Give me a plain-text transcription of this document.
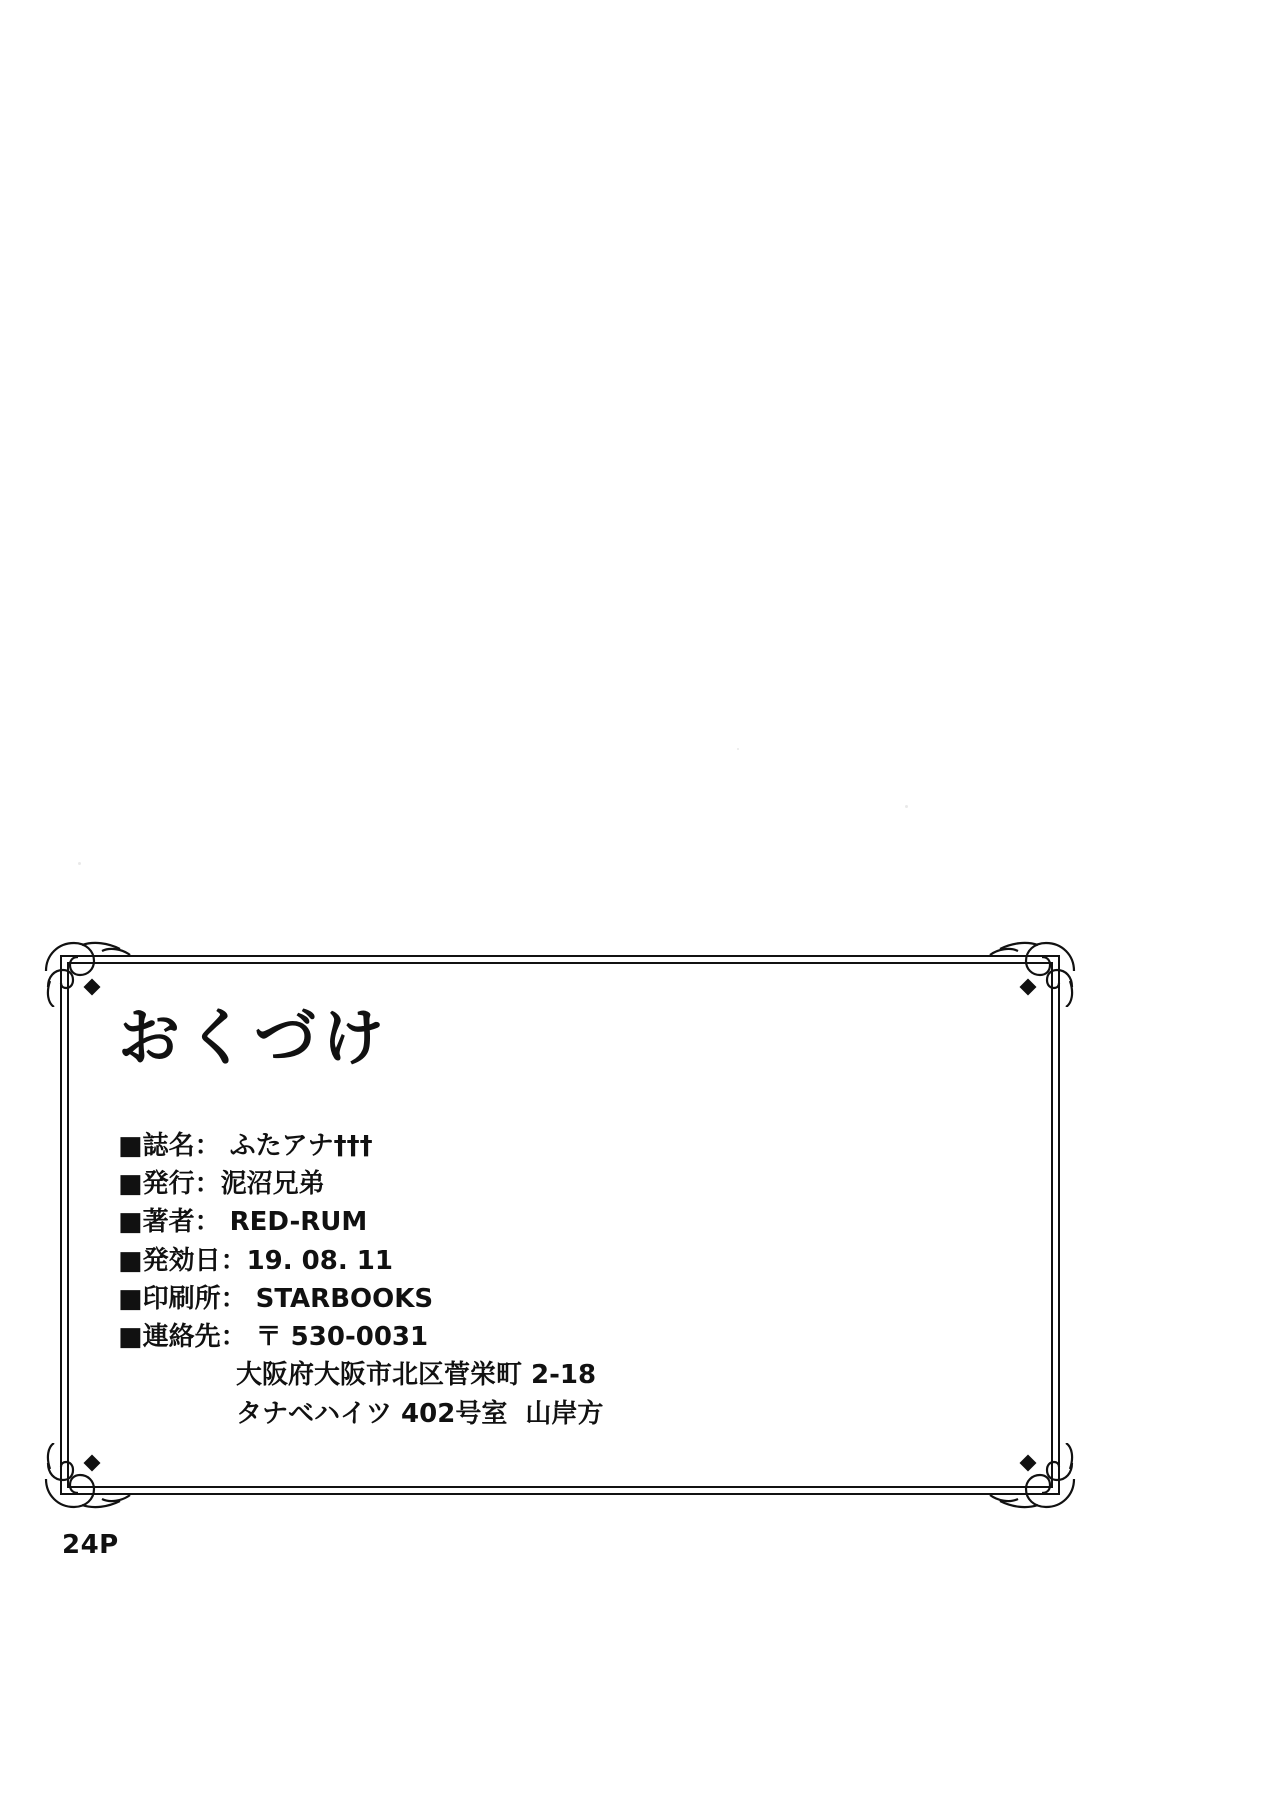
おくづけ
■誌名： ふたアナ†††
■発行：泥沼兄弟
■著者： RED-RUM
■発効日：19. 08. 11
■印刷所： STARBOOKS
■連絡先： 〒 530-0031
大阪府大阪市北区菅栄町 2-18
タナベハイツ 402号室  山岸方
24P
